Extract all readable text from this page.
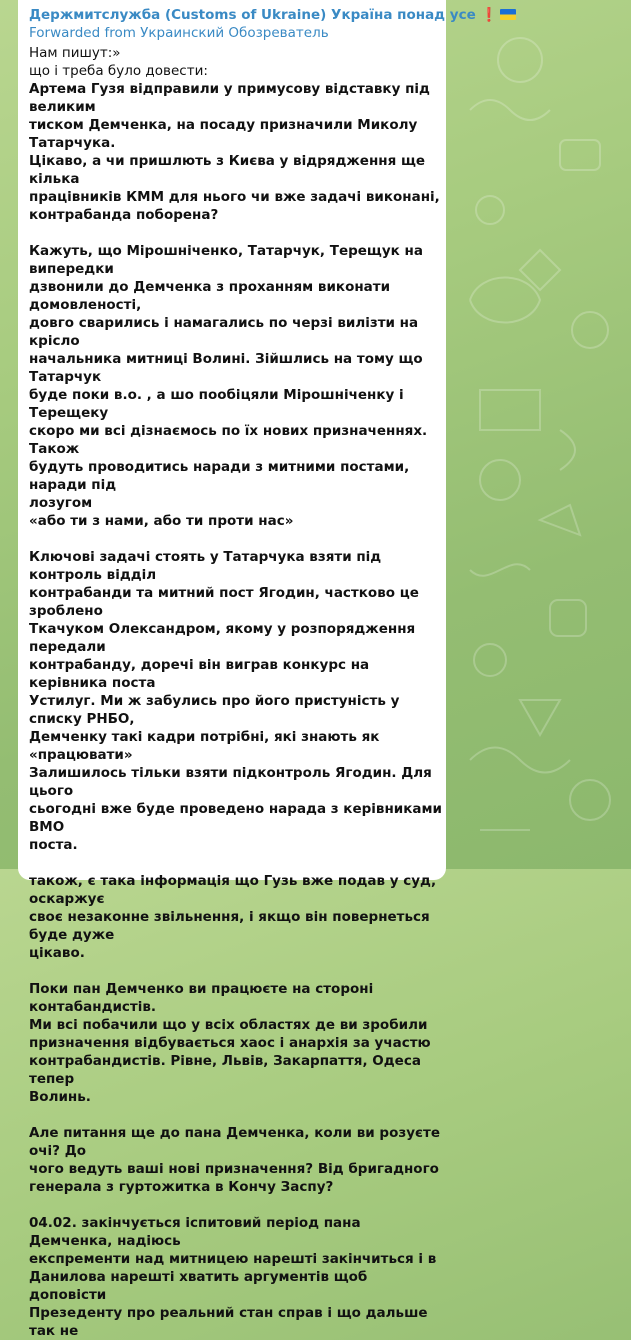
Держмитслужба (Customs of Ukraine) Україна понад усе ❗
Forwarded from Украинский Обозреватель

Нам пишут:»

що і треба було довести:

Артема Гузя відправили у примусову відставку під великим
тиском Демченка, на посаду призначили Миколу Татарчука.
Цікаво, а чи пришлють з Києва у відрядження ще кілька
працівників КММ для нього чи вже задачі виконані,
контрабанда поборена?

Кажуть, що Мірошніченко, Татарчук, Терещук на випередки
дзвонили до Демченка з проханням виконати домовленості,
довго сварились і намагались по черзі вилізти на крісло
начальника митниці Волині. Зійшлись на тому що Татарчук
буде поки в.о. , а шо пообіцяли Мірошніченку і Терещеку
скоро ми всі дізнаємось по їх нових призначеннях. Також
будуть проводитись наради з митними постами, наради під
лозугом
«або ти з нами, або ти проти нас»

Ключові задачі стоять у Татарчука взяти під контроль відділ
контрабанди та митний пост Ягодин, частково це зроблено
Ткачуком Олександром, якому у розпорядження передали
контрабанду, доречі він виграв конкурс на керівника поста
Устилуг. Ми ж забулись про його пристуність у списку РНБО,
Демченку такі кадри потрібні, які знають як «працювати»
Залишилось тільки взяти підконтроль Ягодин. Для цього
сьогодні вже буде проведено нарада з керівниками ВМО
поста.

також, є така інформація що Гузь вже подав у суд, оскаржує
своє незаконне звільнення, і якщо він повернеться буде дуже
цікаво.

Поки пан Демченко ви працюєте на стороні контабандистів.
Ми всі побачили що у всіх областях де ви зробили
призначення відбувається хаос і анархія за участю
контрабандистів. Рівне, Львів, Закарпаття, Одеса тепер
Волинь.

Але питання ще до пана Демченка, коли ви розуєте очі? До
чого ведуть ваші нові призначення? Від бригадного
генерала з гуртожитка в Кончу Заспу?

04.02. закінчується іспитовий період пана Демченка, надіюсь
експременти над митницею нарешті закінчиться і в
Данилова нарешті хватить аргументів щоб доповісти
Презеденту про реальний стан справ і що дальше так не
